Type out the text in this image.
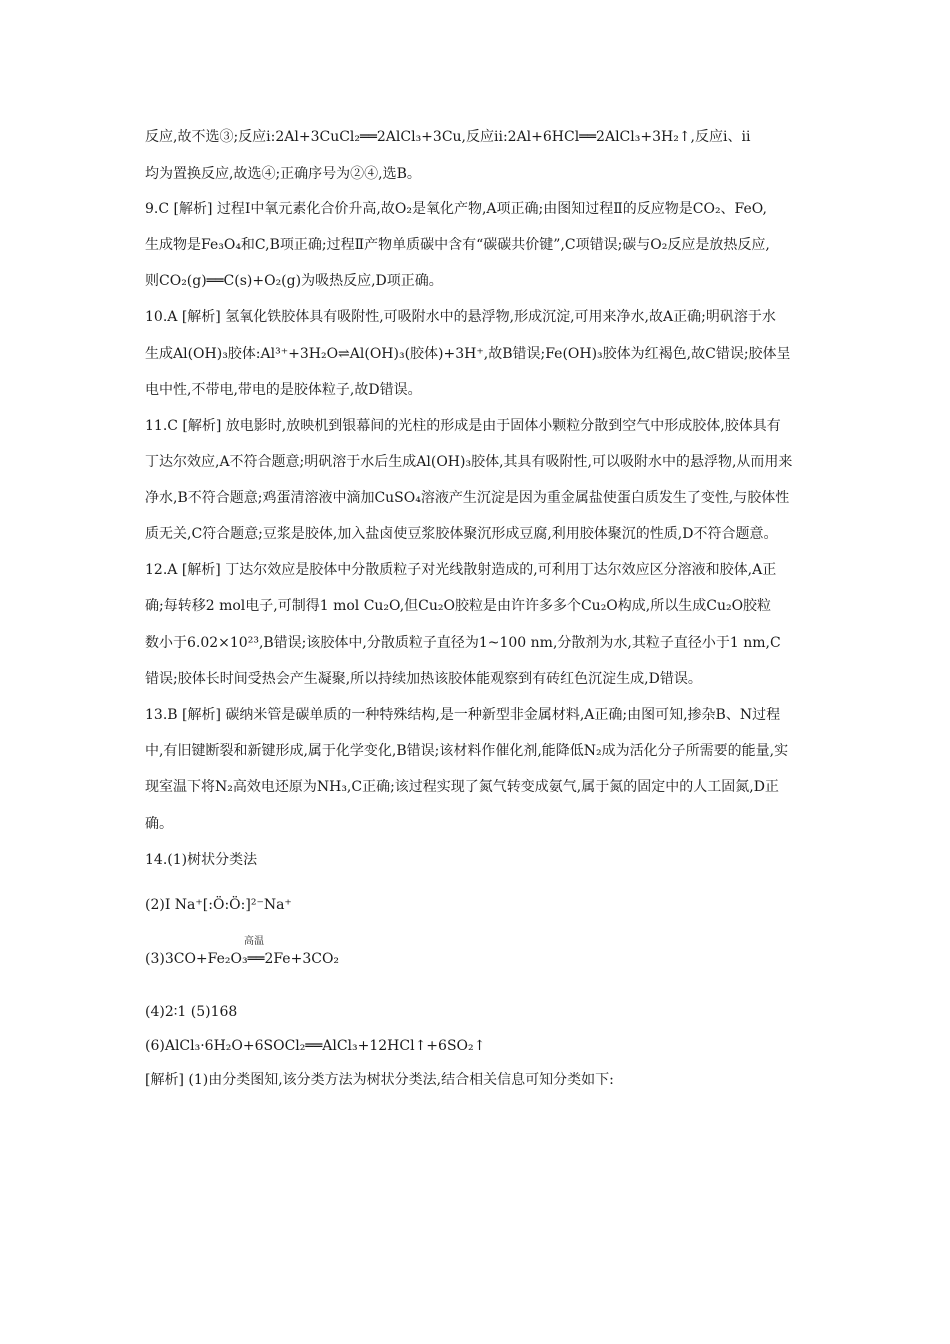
反应,故不选③;反应ⅰ:2Al+3CuCl₂══2AlCl₃+3Cu,反应ⅱ:2Al+6HCl══2AlCl₃+3H₂↑,反应ⅰ、ⅱ
均为置换反应,故选④;正确序号为②④,选B。
9.C [解析] 过程Ⅰ中氧元素化合价升高,故O₂是氧化产物,A项正确;由图知过程Ⅱ的反应物是CO₂、FeO,
生成物是Fe₃O₄和C,B项正确;过程Ⅱ产物单质碳中含有“碳碳共价键”,C项错误;碳与O₂反应是放热反应,
则CO₂(g)══C(s)+O₂(g)为吸热反应,D项正确。
10.A [解析] 氢氧化铁胶体具有吸附性,可吸附水中的悬浮物,形成沉淀,可用来净水,故A正确;明矾溶于水
生成Al(OH)₃胶体:Al³⁺+3H₂O⇌Al(OH)₃(胶体)+3H⁺,故B错误;Fe(OH)₃胶体为红褐色,故C错误;胶体呈
电中性,不带电,带电的是胶体粒子,故D错误。
11.C [解析] 放电影时,放映机到银幕间的光柱的形成是由于固体小颗粒分散到空气中形成胶体,胶体具有
丁达尔效应,A不符合题意;明矾溶于水后生成Al(OH)₃胶体,其具有吸附性,可以吸附水中的悬浮物,从而用来
净水,B不符合题意;鸡蛋清溶液中滴加CuSO₄溶液产生沉淀是因为重金属盐使蛋白质发生了变性,与胶体性
质无关,C符合题意;豆浆是胶体,加入盐卤使豆浆胶体聚沉形成豆腐,利用胶体聚沉的性质,D不符合题意。
12.A [解析] 丁达尔效应是胶体中分散质粒子对光线散射造成的,可利用丁达尔效应区分溶液和胶体,A正
确;每转移2 mol电子,可制得1 mol Cu₂O,但Cu₂O胶粒是由许许多多个Cu₂O构成,所以生成Cu₂O胶粒
数小于6.02×10²³,B错误;该胶体中,分散质粒子直径为1~100 nm,分散剂为水,其粒子直径小于1 nm,C
错误;胶体长时间受热会产生凝聚,所以持续加热该胶体能观察到有砖红色沉淀生成,D错误。
13.B [解析] 碳纳米管是碳单质的一种特殊结构,是一种新型非金属材料,A正确;由图可知,掺杂B、N过程
中,有旧键断裂和新键形成,属于化学变化,B错误;该材料作催化剂,能降低N₂成为活化分子所需要的能量,实
现室温下将N₂高效电还原为NH₃,C正确;该过程实现了氮气转变成氨气,属于氮的固定中的人工固氮,D正
确。
14.(1)树状分类法
(2)Ⅰ Na⁺[:Ö:Ö:]²⁻Na⁺
高温
(3)3CO+Fe₂O₃══2Fe+3CO₂
(4)2∶1 (5)168
(6)AlCl₃·6H₂O+6SOCl₂══AlCl₃+12HCl↑+6SO₂↑
[解析] (1)由分类图知,该分类方法为树状分类法,结合相关信息可知分类如下:
